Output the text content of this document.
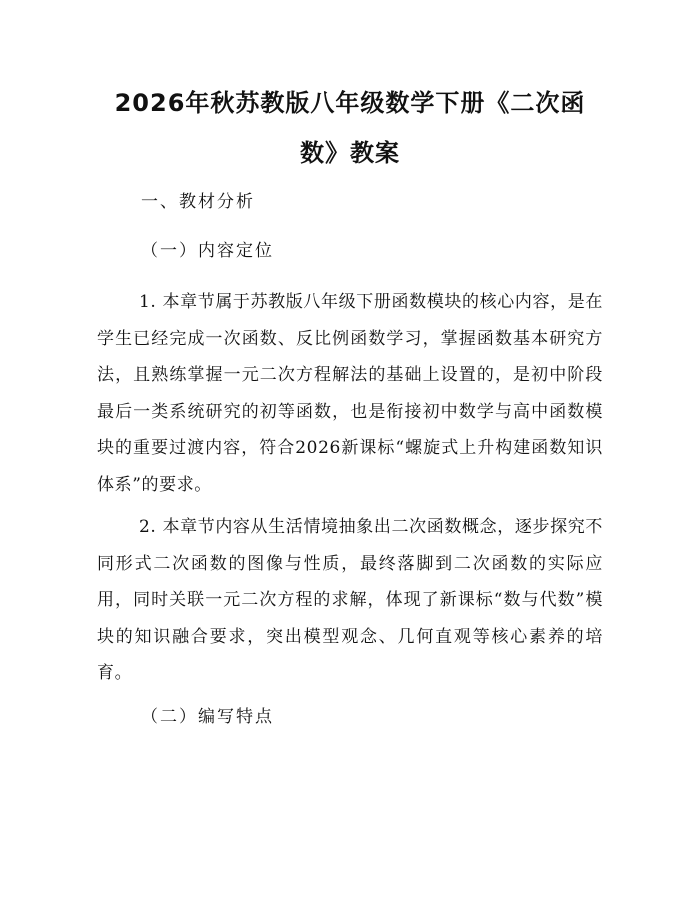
2026年秋苏教版八年级数学下册《二次函数》教案

一、教材分析

（一）内容定位

1. 本章节属于苏教版八年级下册函数模块的核心内容，是在学生已经完成一次函数、反比例函数学习，掌握函数基本研究方法，且熟练掌握一元二次方程解法的基础上设置的，是初中阶段最后一类系统研究的初等函数，也是衔接初中数学与高中函数模块的重要过渡内容，符合2026新课标“螺旋式上升构建函数知识体系”的要求。

2. 本章节内容从生活情境抽象出二次函数概念，逐步探究不同形式二次函数的图像与性质，最终落脚到二次函数的实际应用，同时关联一元二次方程的求解，体现了新课标“数与代数”模块的知识融合要求，突出模型观念、几何直观等核心素养的培育。

（二）编写特点
